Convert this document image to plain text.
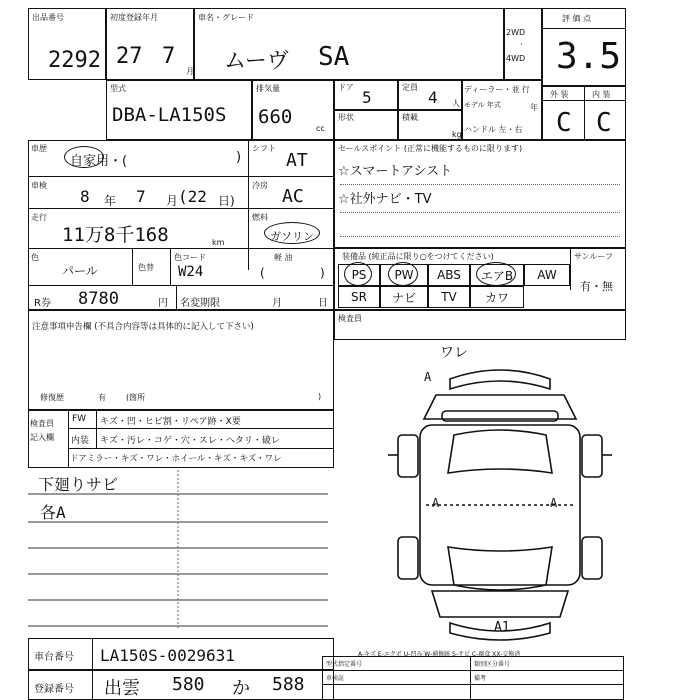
出品番号
2292
初度登録年月
27 7
月
車名・グレード
ムーヴ SA
2WD
·
4WD
評 価 点
3.5
型式
DBA-LA150S
排気量
660
cc
ドア
5
定員
4 人
形状	積載
kg
ディーラー・並 行
モデル 年式	年
ハンドル 左・右
外 装	内 装
C C
車歴
自家用・(	)
シフト
AT
車検
8 年 7 月 (22 日)
冷房
AC
走行
11万8千168	km
燃料
ガソリン
色
パール	色替
色コード
W24
軽 油
(	)
R券 8780	円 名変期限	月	日
注意事項申告欄 (不具合内容等は具体的に記入して下さい)
修復歴	有	(箇所	)
セールスポイント (正常に機能するものに限ります)
☆スマートアシスト
☆社外ナビ・TV
装備品 (純正品に限り○をつけてください)	サンルーフ
PS PW ABS エアB AW
SR ナビ TV カワ
有・無
検査員
検査員
記入欄
FW キズ・凹・ヒビ割・リペア跡・X要
内装 キズ・汚レ・コゲ・穴・スレ・ヘタリ・破レ
ドアミラー・キズ・ワレ・ホイール・キズ・キズ・ワレ
下廻りサビ
各A
ワレ
A
A	A
A1
A-キズ E-エクボ U-凹み W-補修跡 S-サビ C-腐食 XX-交換済
車台番号 LA150S-0029631
登録番号 出雲 580 か 588
型式指定番号	類別区分番号
車検証	備考
